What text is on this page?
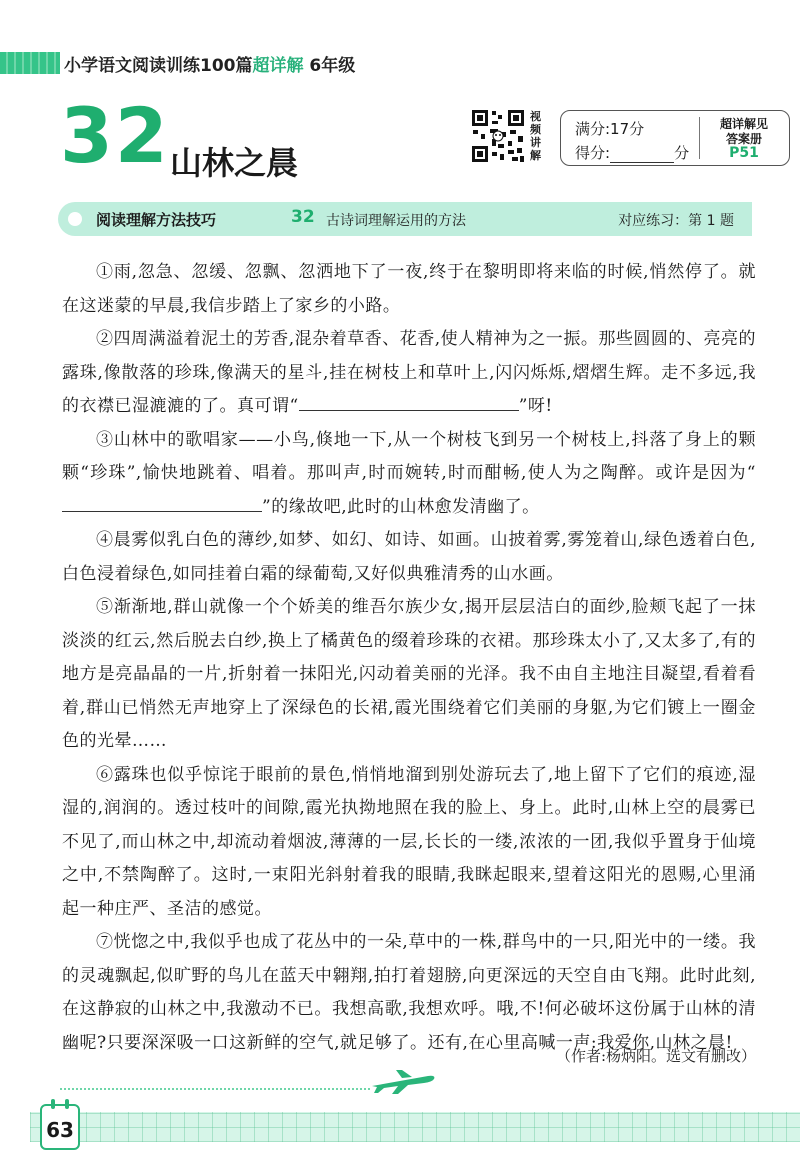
小学语文阅读训练100篇超详解 6年级
32 山林之晨
视
频
讲
解
满分:17分
得分:	分
超详解见
答案册
P51
阅读理解方法技巧	32 古诗词理解运用的方法	对应练习：第 1 题

①雨,忽急、忽缓、忽飘、忽洒地下了一夜,终于在黎明即将来临的时候,悄然停了。就在这迷蒙的早晨,我信步踏上了家乡的小路。

②四周满溢着泥土的芳香,混杂着草香、花香,使人精神为之一振。那些圆圆的、亮亮的露珠,像散落的珍珠,像满天的星斗,挂在树枝上和草叶上,闪闪烁烁,熠熠生辉。走不多远,我的衣襟已湿漉漉的了。真可谓“	”呀!

③山林中的歌唱家——小鸟,倏地一下,从一个树枝飞到另一个树枝上,抖落了身上的颗颗“珍珠”,愉快地跳着、唱着。那叫声,时而婉转,时而酣畅,使人为之陶醉。或许是因为“”的缘故吧,此时的山林愈发清幽了。

④晨雾似乳白色的薄纱,如梦、如幻、如诗、如画。山披着雾,雾笼着山,绿色透着白色,白色浸着绿色,如同挂着白霜的绿葡萄,又好似典雅清秀的山水画。

⑤渐渐地,群山就像一个个娇美的维吾尔族少女,揭开层层洁白的面纱,脸颊飞起了一抹淡淡的红云,然后脱去白纱,换上了橘黄色的缀着珍珠的衣裙。那珍珠太小了,又太多了,有的地方是亮晶晶的一片,折射着一抹阳光,闪动着美丽的光泽。我不由自主地注目凝望,看着看着,群山已悄然无声地穿上了深绿色的长裙,霞光围绕着它们美丽的身躯,为它们镀上一圈金色的光晕……

⑥露珠也似乎惊诧于眼前的景色,悄悄地溜到别处游玩去了,地上留下了它们的痕迹,湿湿的,润润的。透过枝叶的间隙,霞光执拗地照在我的脸上、身上。此时,山林上空的晨雾已不见了,而山林之中,却流动着烟波,薄薄的一层,长长的一缕,浓浓的一团,我似乎置身于仙境之中,不禁陶醉了。这时,一束阳光斜射着我的眼睛,我眯起眼来,望着这阳光的恩赐,心里涌起一种庄严、圣洁的感觉。

⑦恍惚之中,我似乎也成了花丛中的一朵,草中的一株,群鸟中的一只,阳光中的一缕。我的灵魂飘起,似旷野的鸟儿在蓝天中翱翔,拍打着翅膀,向更深远的天空自由飞翔。此时此刻,在这静寂的山林之中,我激动不已。我想高歌,我想欢呼。哦,不!何必破坏这份属于山林的清幽呢?只要深深吸一口这新鲜的空气,就足够了。还有,在心里高喊一声:我爱你,山林之晨!

（作者:杨炳阳。选文有删改）
63
